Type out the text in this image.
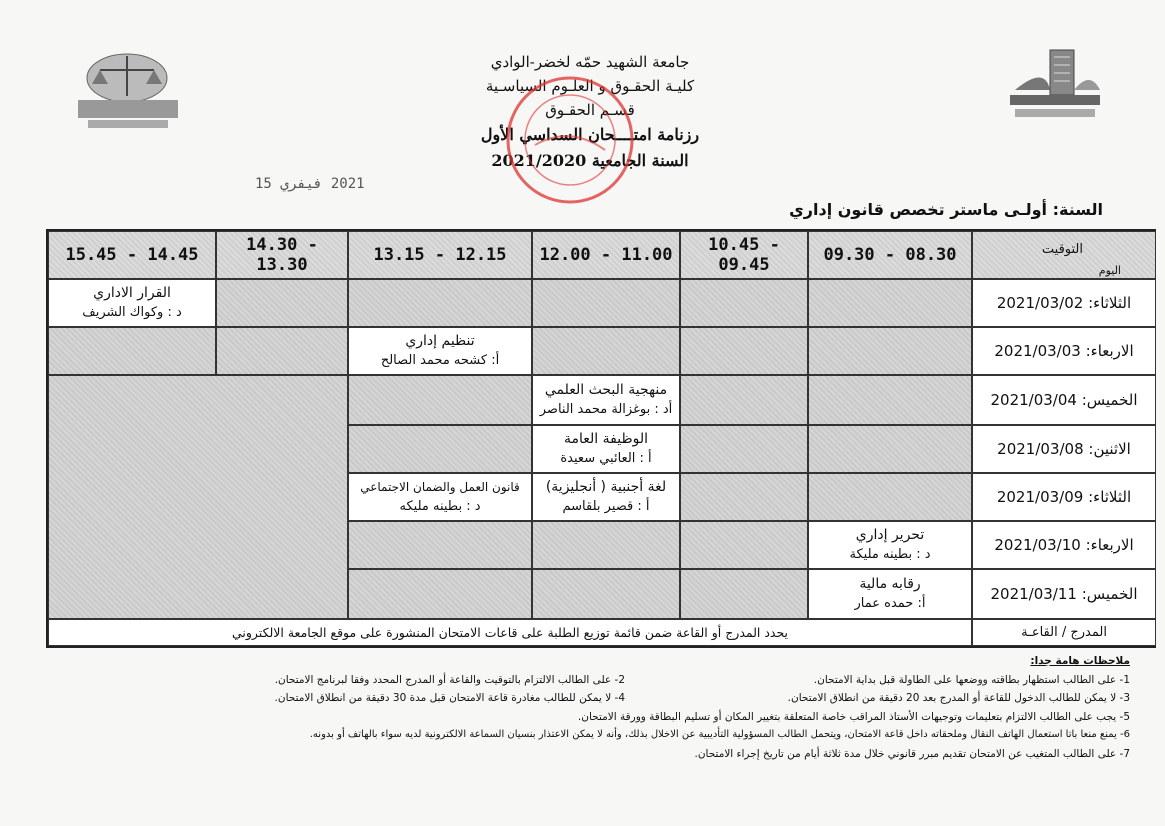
جامعة الشهيد حمّه لخضر-الوادي
كليـة الحقـوق و العلـوم السياسـية
قسـم الحقـوق
رزنامة امتــــحان السداسي الأول
السنة الجامعية 2021/2020
2021 فيفري 15
السنة: أولـى ماستر تخصص قانون إداري
التوقيت
اليوم
09.30 - 08.30
10.45 - 09.45
12.00 - 11.00
13.15 - 12.15
14.30 - 13.30
15.45 - 14.45
الثلاثاء: 2021/03/02
الاربعاء: 2021/03/03
الخميس: 2021/03/04
الاثنين: 2021/03/08
الثلاثاء: 2021/03/09
الاربعاء: 2021/03/10
الخميس: 2021/03/11
القرار الاداري
د : وكواك الشريف
تنظيم إداري
أ: كشحه محمد الصالح
منهجية البحث العلمي
أد : بوغزالة محمد الناصر
الوظيفة العامة
أ : العائبي سعيدة
لغة أجنبية ( أنجليزية)
أ : قصير بلقاسم
قانون العمل والضمان الاجتماعي
د : بطينه مليكه
تحرير إداري
د : بطينه مليكة
رقابه مالية
أ: حمده عمار
المدرج / القاعـة
يحدد المدرج أو القاعة ضمن قائمة توزيع الطلبة على قاعات الامتحان المنشورة على موقع الجامعة الالكتروني
ملاحظات هامة جدا:
1- على الطالب استظهار بطاقته ووضعها على الطاولة قبل بداية الامتحان.
2- على الطالب الالتزام بالتوقيت والقاعة أو المدرج المحدد وفقا لبرنامج الامتحان.
3- لا يمكن للطالب الدخول للقاعة أو المدرج بعد 20 دقيقة من انطلاق الامتحان.
4- لا يمكن للطالب مغادرة قاعة الامتحان قبل مدة 30 دقيقة من انطلاق الامتحان.
5- يجب على الطالب الالتزام بتعليمات وتوجيهات الأستاذ المراقب خاصة المتعلقة بتغيير المكان أو تسليم البطاقة وورقة الامتحان.
6- يمنع منعا باتا استعمال الهاتف النقال وملحقاته داخل قاعة الامتحان، ويتحمل الطالب المسؤولية التأديبية عن الاخلال بذلك، وأنه لا يمكن الاعتذار بنسيان السماعة الالكترونية لديه سواء بالهاتف أو بدونه.
7- على الطالب المتغيب عن الامتحان تقديم مبرر قانوني خلال مدة ثلاثة أيام من تاريخ إجراء الامتحان.
